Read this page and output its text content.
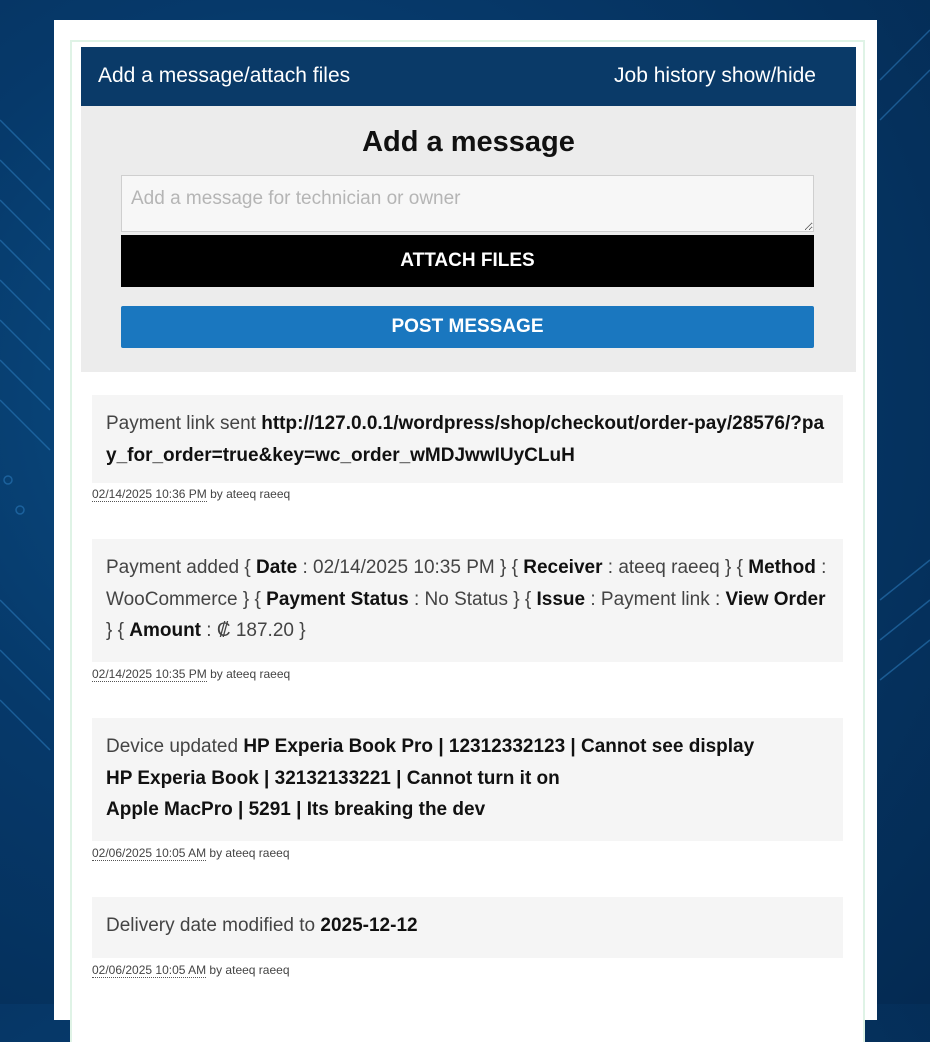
Add a message/attach files	Job history show/hide
Add a message
Add a message for technician or owner
ATTACH FILES
POST MESSAGE
Payment link sent http://127.0.0.1/wordpress/shop/checkout/order-pay/28576/?pay_for_order=true&key=wc_order_wMDJwwIUyCLuH
02/14/2025 10:36 PM by ateeq raeeq
Payment added { Date : 02/14/2025 10:35 PM } { Receiver : ateeq raeeq } { Method : WooCommerce } { Payment Status : No Status } { Issue : Payment link : View Order } { Amount : ₡ 187.20 }
02/14/2025 10:35 PM by ateeq raeeq
Device updated HP Experia Book Pro | 12312332123 | Cannot see display
HP Experia Book | 32132133221 | Cannot turn it on
Apple MacPro | 5291 | Its breaking the dev
02/06/2025 10:05 AM by ateeq raeeq
Delivery date modified to 2025-12-12
02/06/2025 10:05 AM by ateeq raeeq
